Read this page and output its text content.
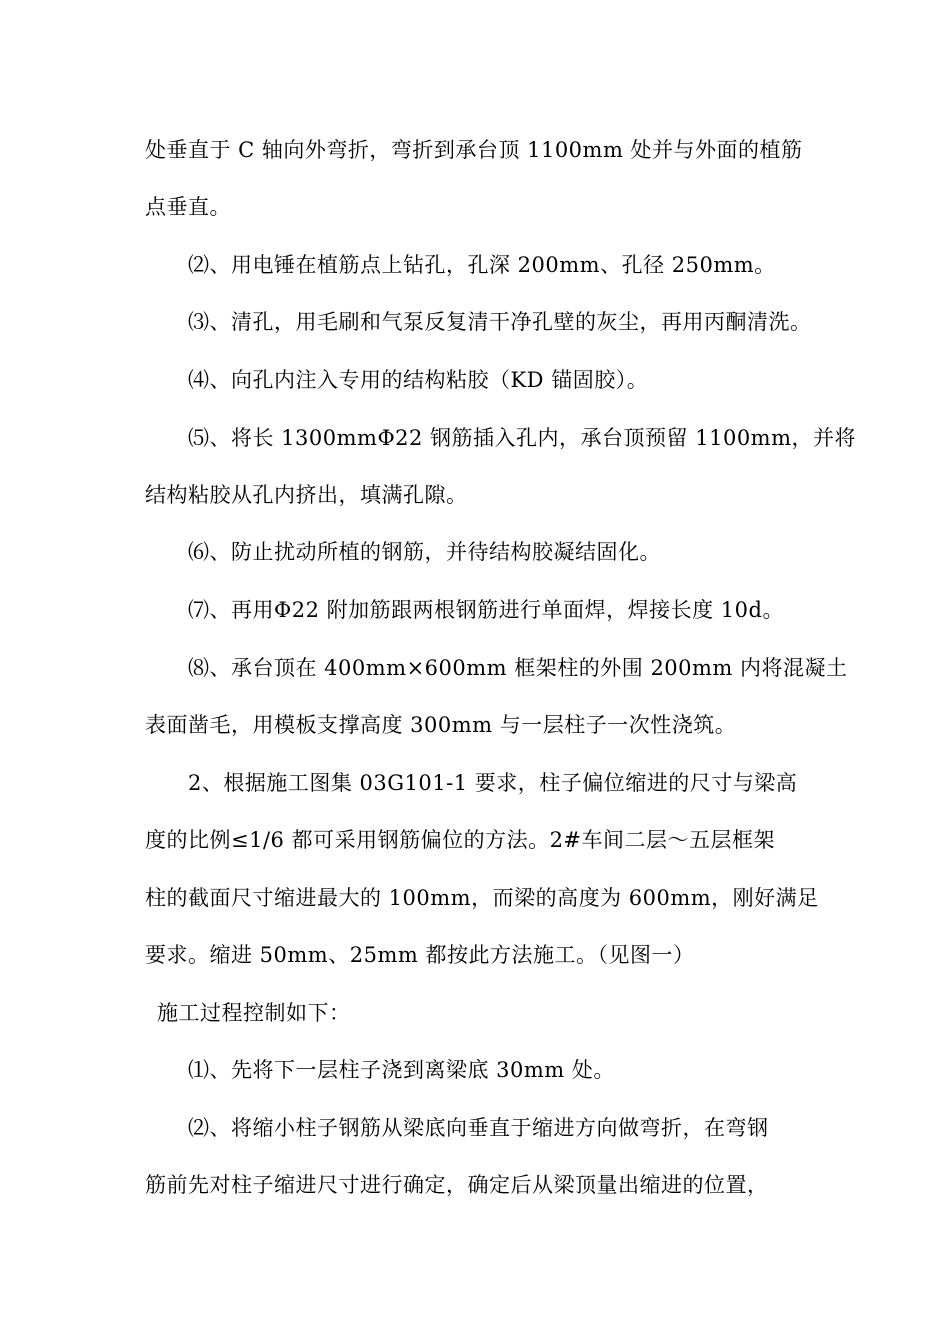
处垂直于 C 轴向外弯折，弯折到承台顶 1100mm 处并与外面的植筋
点垂直。
⑵、用电锤在植筋点上钻孔，孔深 200mm、孔径 250mm。
⑶、清孔，用毛刷和气泵反复清干净孔壁的灰尘，再用丙酮清洗。
⑷、向孔内注入专用的结构粘胶（KD 锚固胶）。
⑸、将长 1300mmΦ22 钢筋插入孔内，承台顶预留 1100mm，并将
结构粘胶从孔内挤出，填满孔隙。
⑹、防止扰动所植的钢筋，并待结构胶凝结固化。
⑺、再用Φ22 附加筋跟两根钢筋进行单面焊，焊接长度 10d。
⑻、承台顶在 400mm×600mm 框架柱的外围 200mm 内将混凝土
表面凿毛，用模板支撑高度 300mm 与一层柱子一次性浇筑。
2、根据施工图集 03G101-1 要求，柱子偏位缩进的尺寸与梁高
度的比例≤1/6 都可采用钢筋偏位的方法。2#车间二层～五层框架
柱的截面尺寸缩进最大的 100mm，而梁的高度为 600mm，刚好满足
要求。缩进 50mm、25mm 都按此方法施工。（见图一）
施工过程控制如下：
⑴、先将下一层柱子浇到离梁底 30mm 处。
⑵、将缩小柱子钢筋从梁底向垂直于缩进方向做弯折，在弯钢
筋前先对柱子缩进尺寸进行确定，确定后从梁顶量出缩进的位置，
